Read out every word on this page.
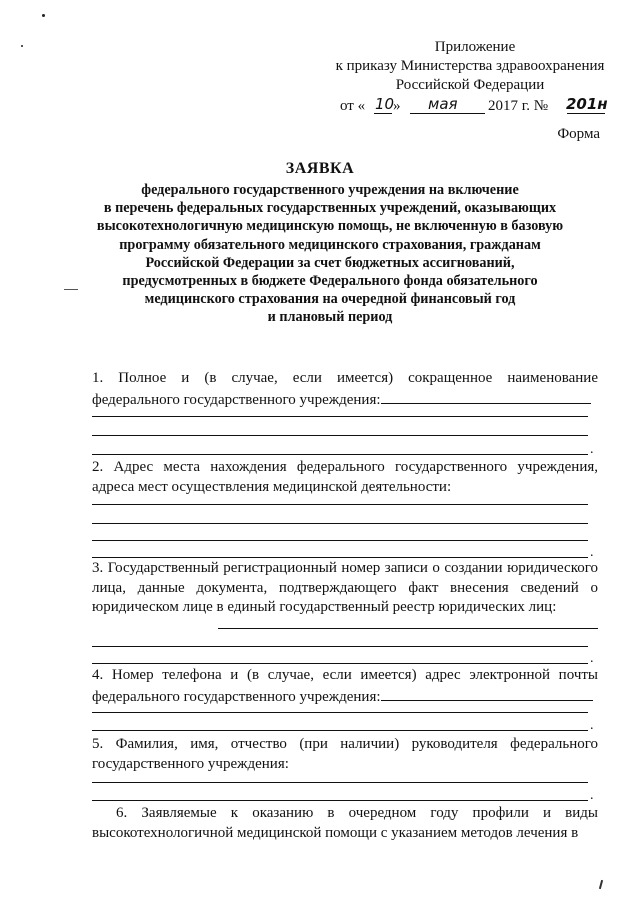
Приложение
к приказу Министерства здравоохранения
Российской Федерации
от « 10
» мая 2017 г. № 201н
Форма
ЗАЯВКА
федерального государственного учреждения на включение
в перечень федеральных государственных учреждений, оказывающих
высокотехнологичную медицинскую помощь, не включенную в базовую
программу обязательного медицинского страхования, гражданам
Российской Федерации за счет бюджетных ассигнований,
предусмотренных в бюджете Федерального фонда обязательного
медицинского страхования на очередной финансовый год
и плановый период
1. Полное и (в случае, если имеется) сокращенное наименование федерального государственного учреждения:
.
2. Адрес места нахождения федерального государственного учреждения, адреса мест осуществления медицинской деятельности:
.
3. Государственный регистрационный номер записи о создании юридического лица, данные документа, подтверждающего факт внесения сведений о юридическом лице в единый государственный реестр юридических лиц:
.
4. Номер телефона и (в случае, если имеется) адрес электронной почты федерального государственного учреждения:
.
5. Фамилия, имя, отчество (при наличии) руководителя федерального государственного учреждения:
.
6. Заявляемые к оказанию в очередном году профили и виды высокотехнологичной медицинской помощи с указанием методов лечения в
